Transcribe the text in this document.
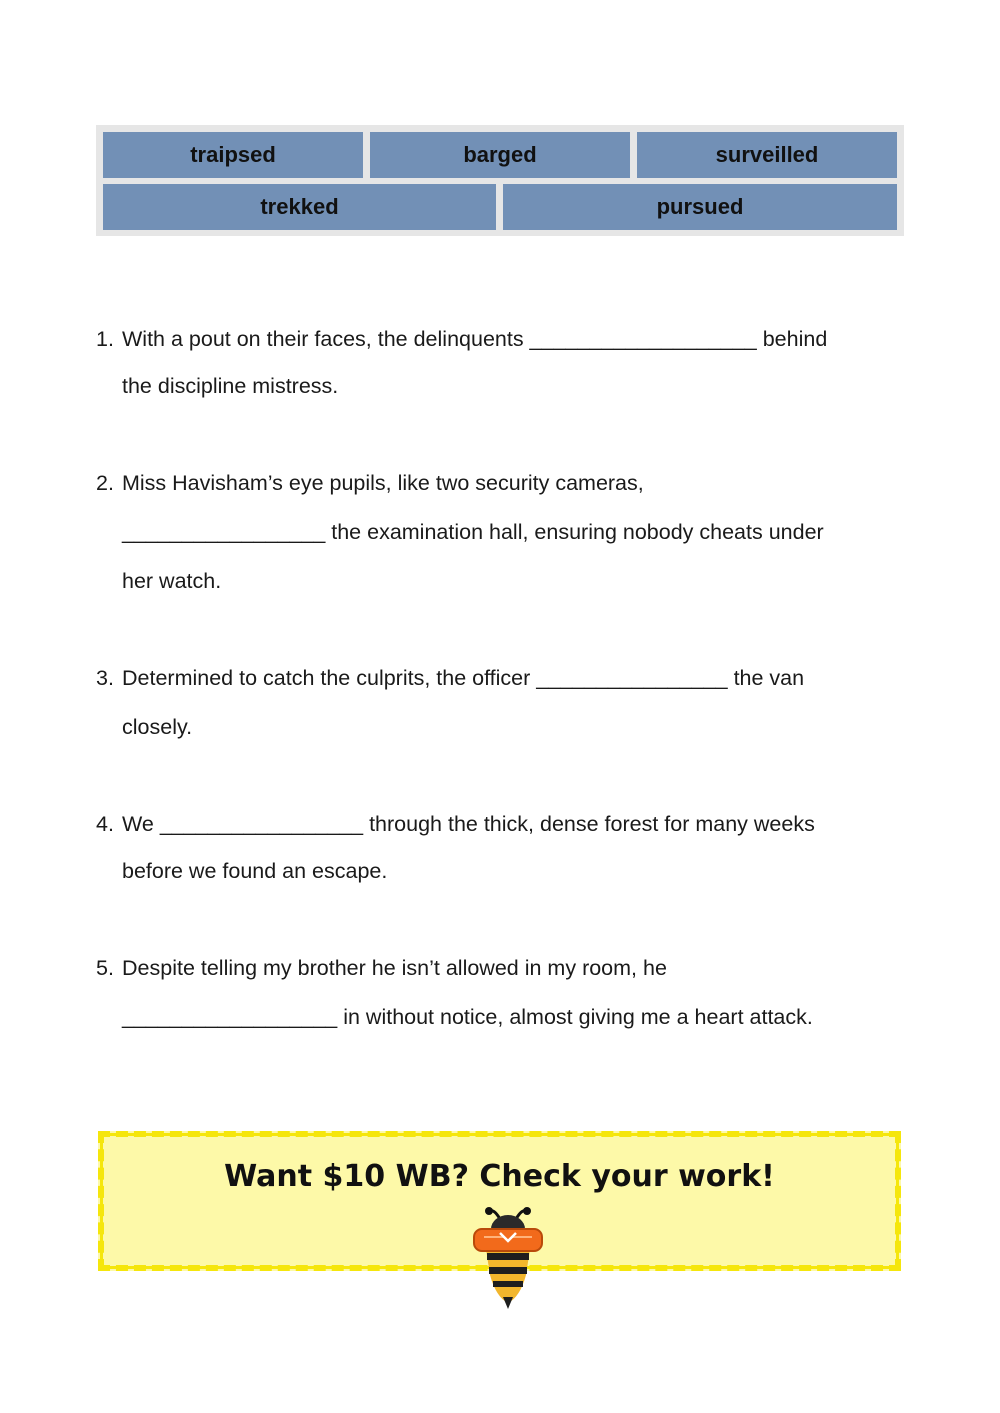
traipsed	barged	surveilled
trekked	pursued
1. With a pout on their faces, the delinquents ___________________ behind
the discipline mistress.
2. Miss Havisham’s eye pupils, like two security cameras,
_________________ the examination hall, ensuring nobody cheats under
her watch.
3. Determined to catch the culprits, the officer ________________ the van
closely.
4. We _________________ through the thick, dense forest for many weeks
before we found an escape.
5. Despite telling my brother he isn’t allowed in my room, he
__________________ in without notice, almost giving me a heart attack.
Want $10 WB? Check your work!
